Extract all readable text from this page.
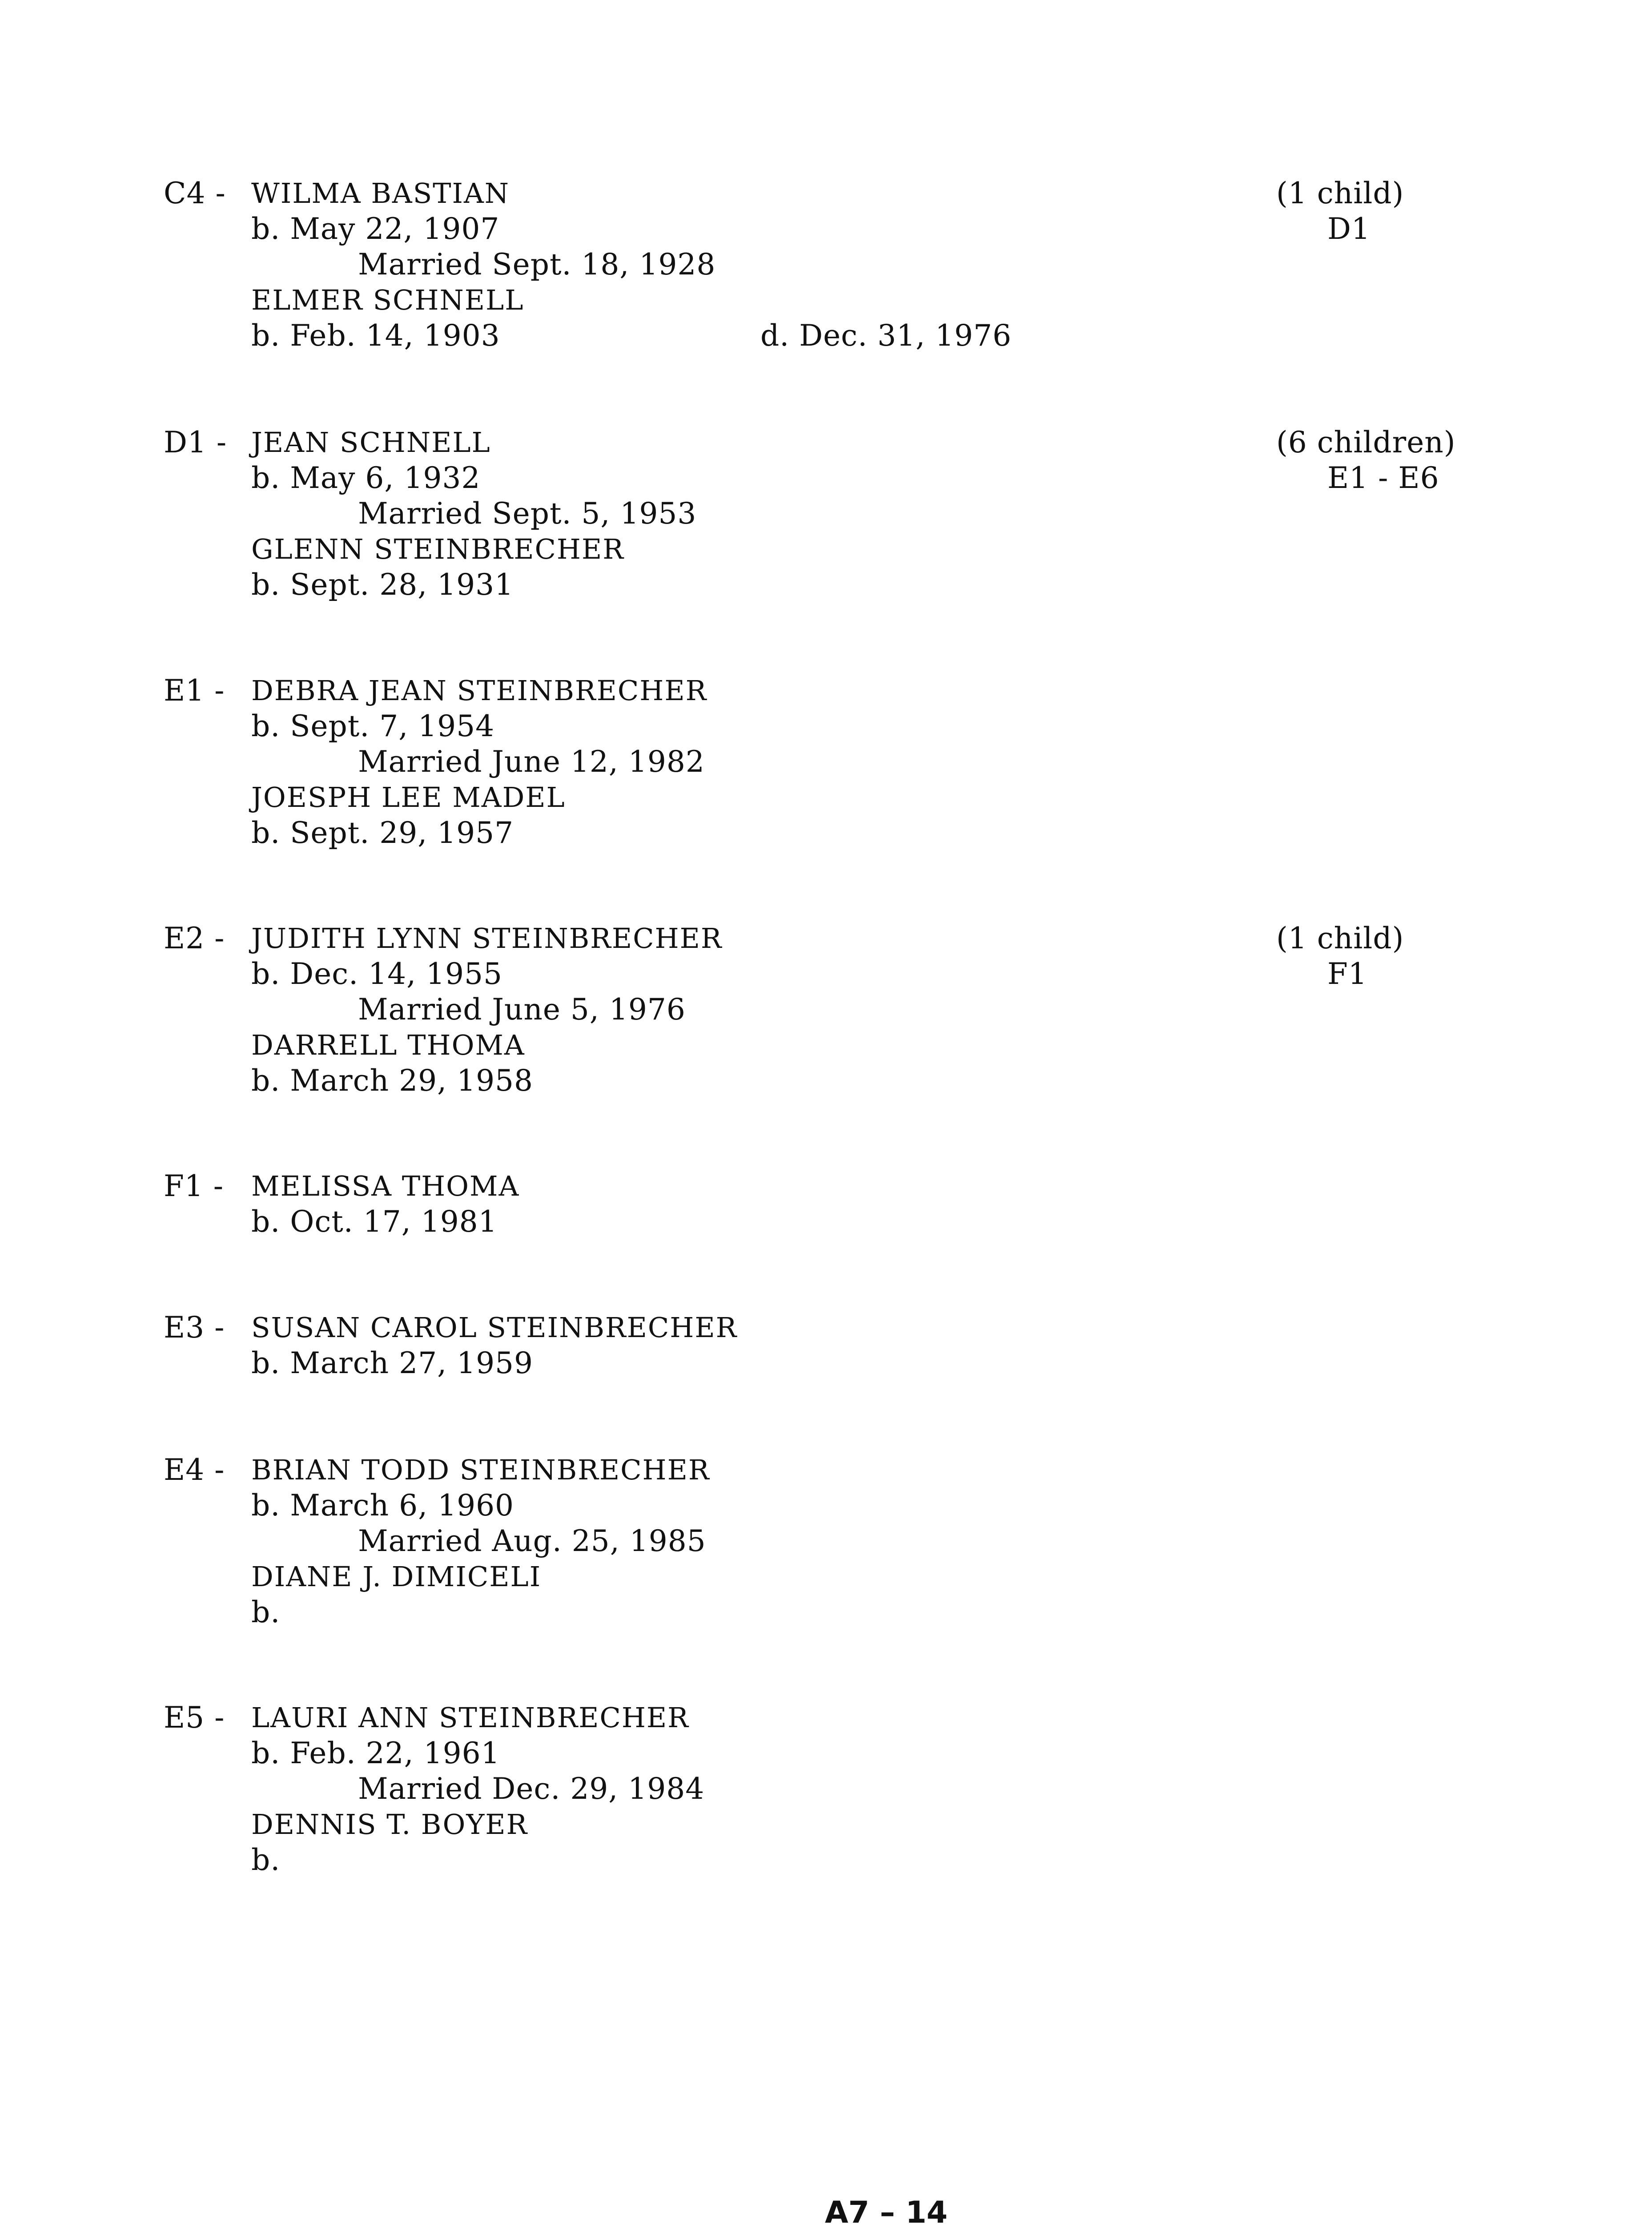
C4 - WILMA BASTIAN	(1 child)
b. May 22, 1907	D1
Married Sept. 18, 1928
ELMER SCHNELL
b. Feb. 14, 1903	d. Dec. 31, 1976
D1 - JEAN SCHNELL	(6 children)
b. May 6, 1932	E1 - E6
Married Sept. 5, 1953
GLENN STEINBRECHER
b. Sept. 28, 1931
E1 - DEBRA JEAN STEINBRECHER
b. Sept. 7, 1954
Married June 12, 1982
JOESPH LEE MADEL
b. Sept. 29, 1957
E2 - JUDITH LYNN STEINBRECHER	(1 child)
b. Dec. 14, 1955	F1
Married June 5, 1976
DARRELL THOMA
b. March 29, 1958
F1 - MELISSA THOMA
b. Oct. 17, 1981
E3 - SUSAN CAROL STEINBRECHER
b. March 27, 1959
E4 - BRIAN TODD STEINBRECHER
b. March 6, 1960
Married Aug. 25, 1985
DIANE J. DIMICELI
b.
E5 - LAURI ANN STEINBRECHER
b. Feb. 22, 1961
Married Dec. 29, 1984
DENNIS T. BOYER
b.
A7 – 14
